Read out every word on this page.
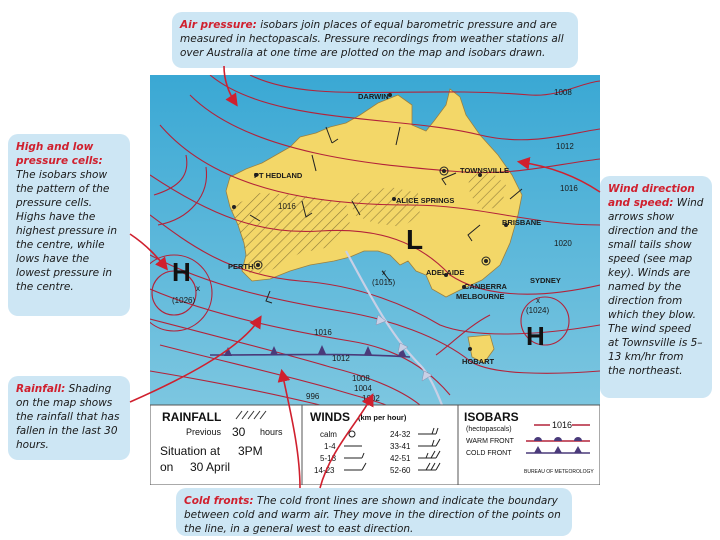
Air pressure: isobars join places of equal barometric pressure and are measured in hectopascals. Pressure recordings from weather stations all over Australia at one time are plotted on the map and isobars drawn.
High and low pressure cells: The isobars show the pattern of the pressure cells. Highs have the highest pressure in the centre, while lows have the lowest pressure in the centre.
Wind direction and speed: Wind arrows show direction and the small tails show speed (see map key). Winds are named by the direction from which they blow. The wind speed at Townsville is 5–13 km/hr from the northeast.
Rainfall: Shading on the map shows the rainfall that has fallen in the last 30 hours.
Cold fronts: The cold front lines are shown and indicate the boundary between cold and warm air. They move in the direction of the points on the line, in a general west to east direction.
DARWIN
PT HEDLAND
TOWNSVILLE
ALICE SPRINGS
BRISBANE
PERTH
ADELAIDE
SYDNEY
CANBERRA
MELBOURNE
HOBART
1008
1012
1016
1016
1020
1016
1012
1008
1004
1002
996
H
x
(1026)
L
x
(1015)
x
(1024)
H
RAINFALL
Previous 30 hours
Situation at 3PM
on 30 April
WINDS (km per hour)
calm	24-32
1-4	33-41
5-13	42-51
14-23	52-60
ISOBARS
(hectopascals)	1016
WARM FRONT
COLD FRONT
BUREAU OF METEOROLOGY
